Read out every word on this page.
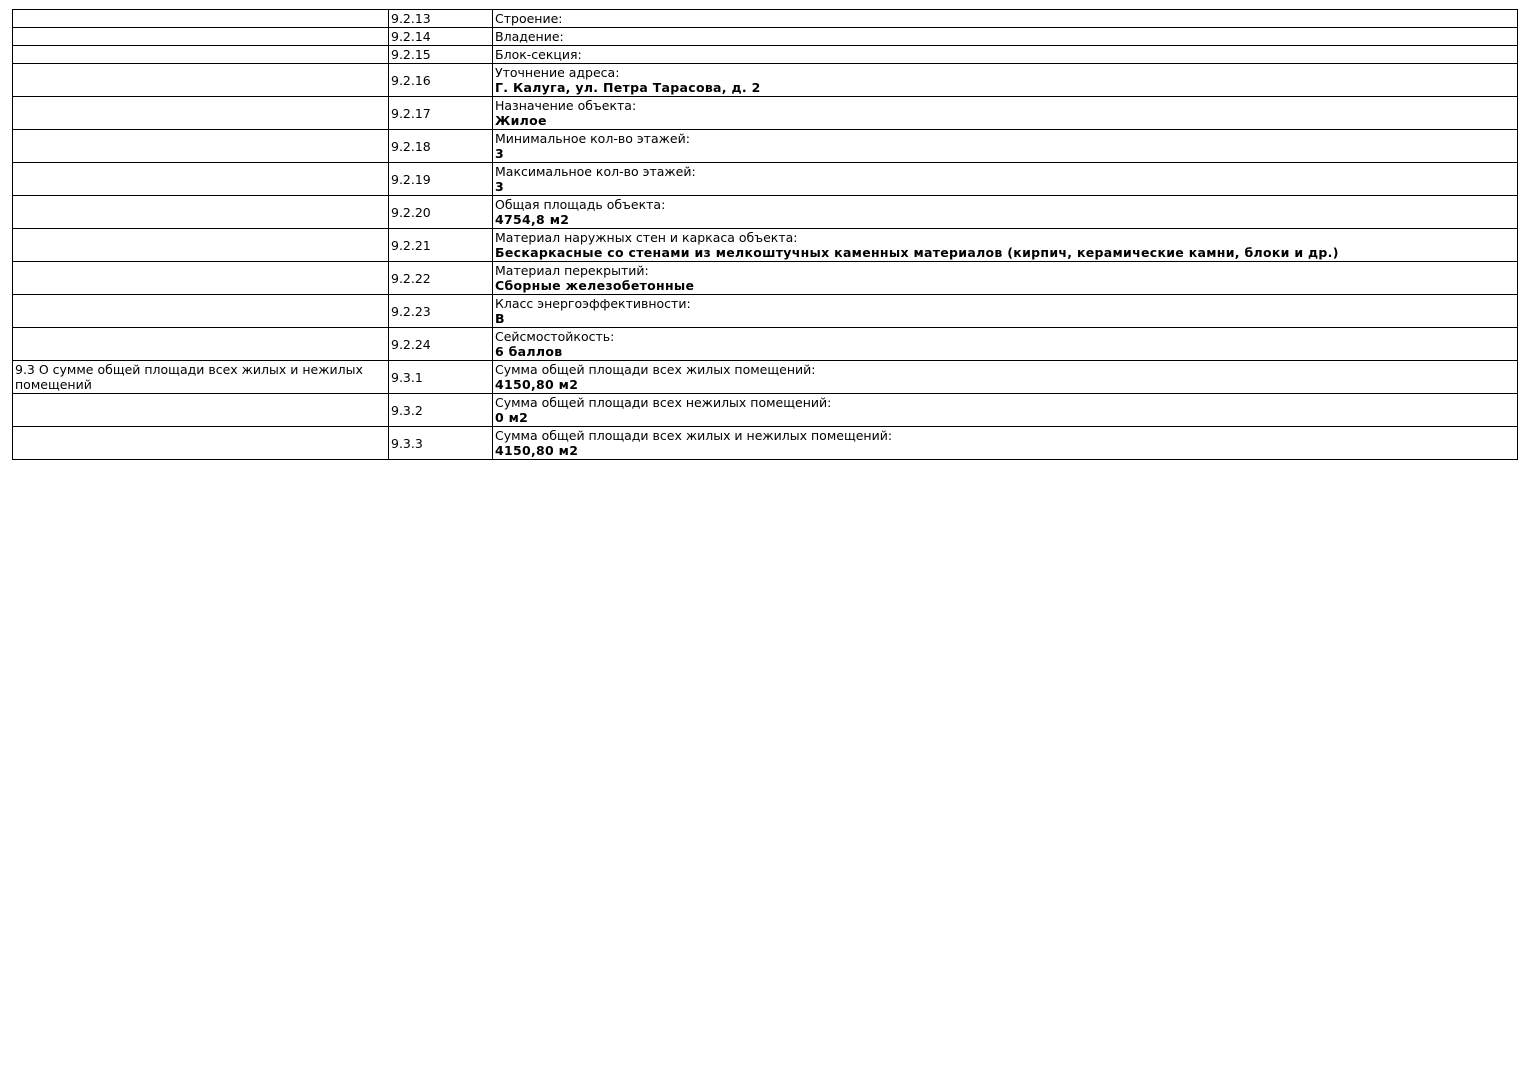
	9.2.13	Строение:

	9.2.14	Владение:

	9.2.15	Блок-секция:

	9.2.16	Уточнение адреса:
Г. Калуга, ул. Петра Тарасова, д. 2

	9.2.17	Назначение объекта:
Жилое

	9.2.18	Минимальное кол-во этажей:
3

	9.2.19	Максимальное кол-во этажей:
3

	9.2.20	Общая площадь объекта:
4754,8 м2

	9.2.21	Материал наружных стен и каркаса объекта:
Бескаркасные со стенами из мелкоштучных каменных материалов (кирпич, керамические камни, блоки и др.)

	9.2.22	Материал перекрытий:
Сборные железобетонные

	9.2.23	Класс энергоэффективности:
B

	9.2.24	Сейсмостойкость:
6 баллов

9.3 О сумме общей площади всех жилых и нежилых помещений	9.3.1	Сумма общей площади всех жилых помещений:
4150,80 м2

	9.3.2	Сумма общей площади всех нежилых помещений:
0 м2

	9.3.3	Сумма общей площади всех жилых и нежилых помещений:
4150,80 м2
